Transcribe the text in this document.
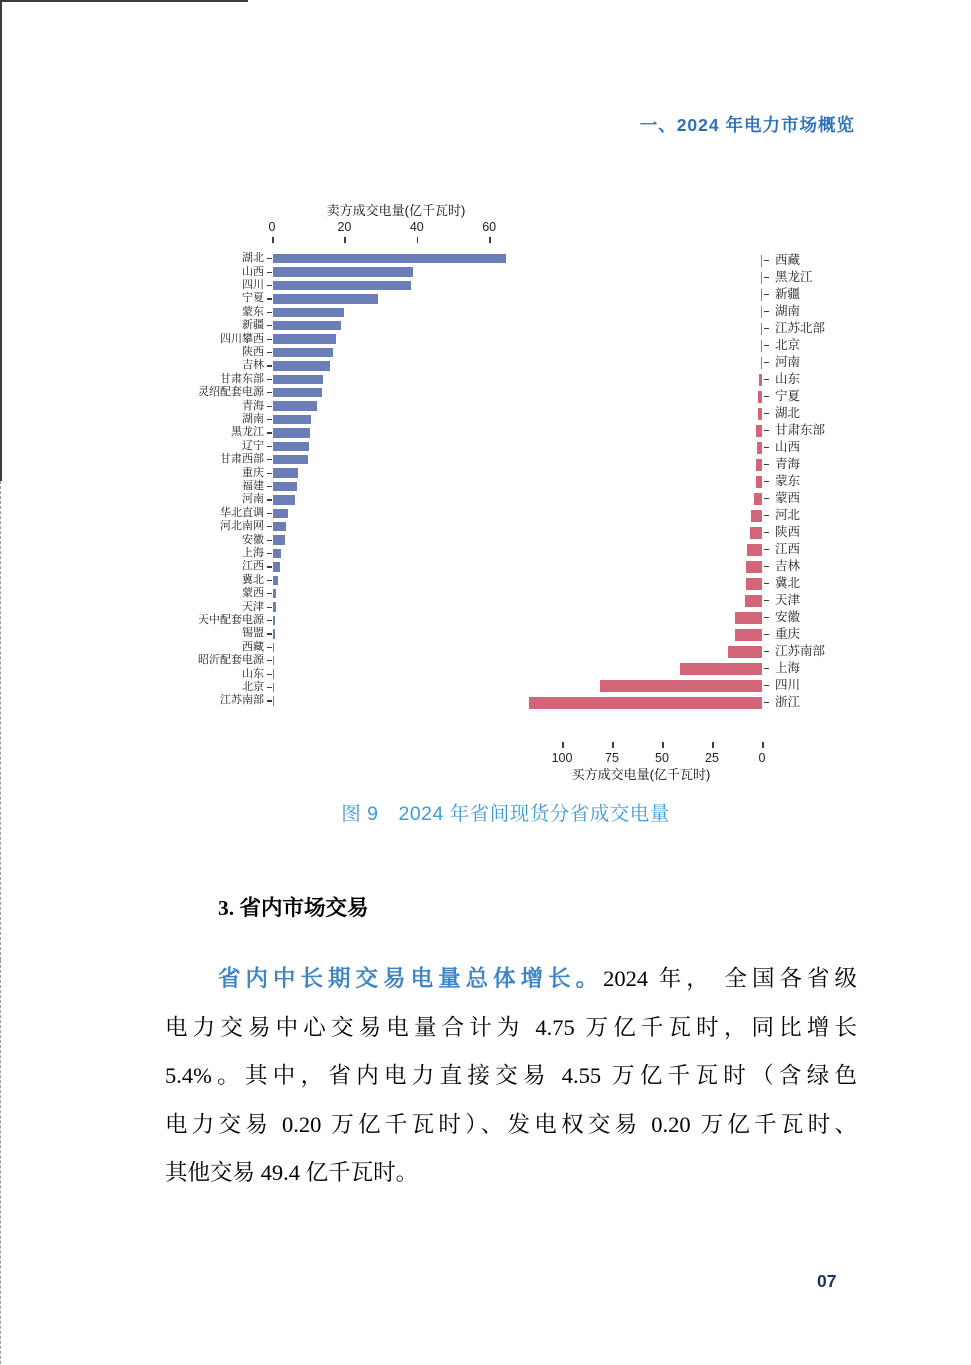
一、2024 年电力市场概览
卖方成交电量(亿千瓦时)
买方成交电量(亿千瓦时)
0	20	40	60
湖北
山西
四川
宁夏
蒙东
新疆
四川攀西
陕西
吉林
甘肃东部
灵绍配套电源
青海
湖南
黑龙江
辽宁
甘肃西部
重庆
福建
河南
华北直调
河北南网
安徽
上海
江西
冀北
蒙西
天津
天中配套电源
锡盟
西藏
昭沂配套电源
山东
北京
江苏南部
100	75	50	25	0
西藏
黑龙江
新疆
湖南
江苏北部
北京
河南
山东
宁夏
湖北
甘肃东部
山西
青海
蒙东
蒙西
河北
陕西
江西
吉林
冀北
天津
安徽
重庆
江苏南部
上海
四川
浙江
图 9　2024 年省间现货分省成交电量
3. 省内市场交易
省内中长期交易电量总体增长。2024 年， 全国各省级
电力交易中心交易电量合计为 4.75 万亿千瓦时，同比增长
5.4%。其中，省内电力直接交易 4.55 万亿千瓦时（含绿色
电力交易 0.20 万亿千瓦时）、发电权交易 0.20 万亿千瓦时、
其他交易 49.4 亿千瓦时。
07
